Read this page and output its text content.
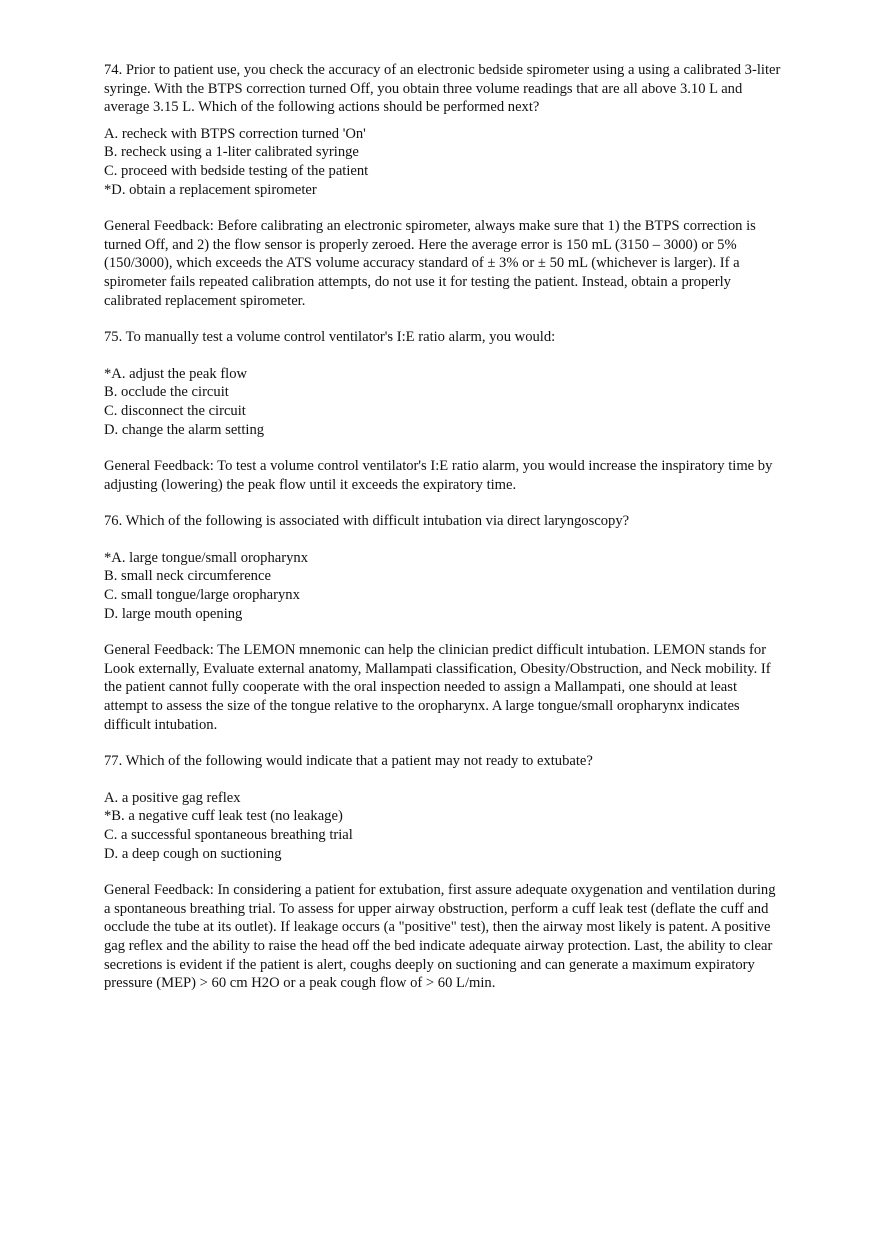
74. Prior to patient use, you check the accuracy of an electronic bedside spirometer using a using a calibrated 3-liter syringe. With the BTPS correction turned Off, you obtain three volume readings that are all above 3.10 L and average 3.15 L. Which of the following actions should be performed next?

A. recheck with BTPS correction turned 'On'

B. recheck using a 1-liter calibrated syringe

C. proceed with bedside testing of the patient

*D. obtain a replacement spirometer

General Feedback: Before calibrating an electronic spirometer, always make sure that 1) the BTPS correction is turned Off, and 2) the flow sensor is properly zeroed. Here the average error is 150 mL (3150 – 3000) or 5% (150/3000), which exceeds the ATS volume accuracy standard of ± 3% or ± 50 mL (whichever is larger). If a spirometer fails repeated calibration attempts, do not use it for testing the patient. Instead, obtain a properly calibrated replacement spirometer.

75. To manually test a volume control ventilator's I:E ratio alarm, you would:

*A. adjust the peak flow

B. occlude the circuit

C. disconnect the circuit

D. change the alarm setting

General Feedback: To test a volume control ventilator's I:E ratio alarm, you would increase the inspiratory time by adjusting (lowering) the peak flow until it exceeds the expiratory time.

76. Which of the following is associated with difficult intubation via direct laryngoscopy?

*A. large tongue/small oropharynx

B. small neck circumference

C. small tongue/large oropharynx

D. large mouth opening

General Feedback: The LEMON mnemonic can help the clinician predict difficult intubation. LEMON stands for Look externally, Evaluate external anatomy, Mallampati classification, Obesity/Obstruction, and Neck mobility. If the patient cannot fully cooperate with the oral inspection needed to assign a Mallampati, one should at least attempt to assess the size of the tongue relative to the oropharynx. A large tongue/small oropharynx indicates difficult intubation.

77. Which of the following would indicate that a patient may not ready to extubate?

A. a positive gag reflex

*B. a negative cuff leak test (no leakage)

C. a successful spontaneous breathing trial

D. a deep cough on suctioning

General Feedback: In considering a patient for extubation, first assure adequate oxygenation and ventilation during a spontaneous breathing trial. To assess for upper airway obstruction, perform a cuff leak test (deflate the cuff and occlude the tube at its outlet). If leakage occurs (a "positive" test), then the airway most likely is patent. A positive gag reflex and the ability to raise the head off the bed indicate adequate airway protection. Last, the ability to clear secretions is evident if the patient is alert, coughs deeply on suctioning and can generate a maximum expiratory pressure (MEP) > 60 cm H2O or a peak cough flow of > 60 L/min.
